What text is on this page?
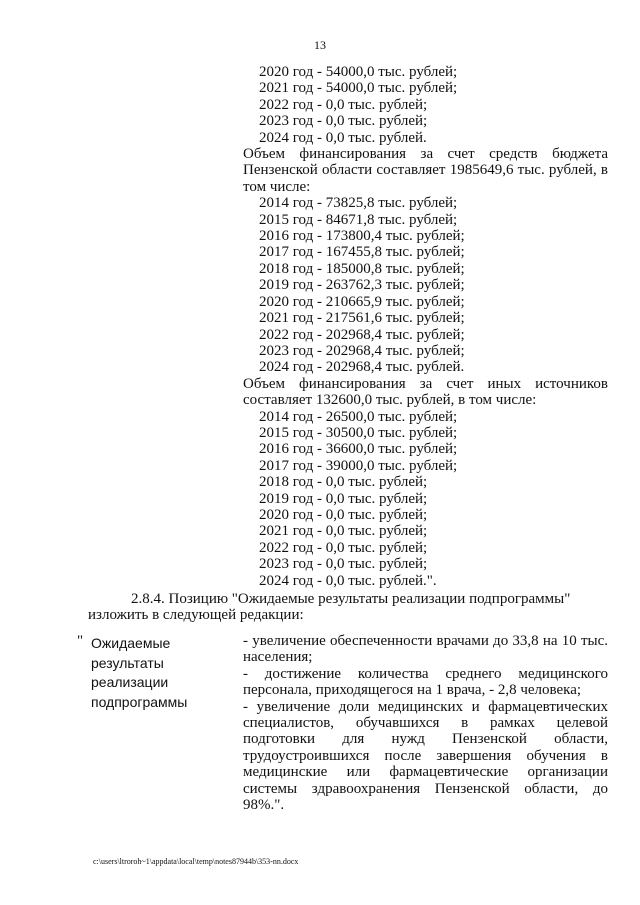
13
2020 год - 54000,0 тыс. рублей;
2021 год - 54000,0 тыс. рублей;
2022 год - 0,0 тыс. рублей;
2023 год - 0,0 тыс. рублей;
2024 год - 0,0 тыс. рублей.
Объем финансирования за счет средств бюджета Пензенской области составляет 1985649,6 тыс. рублей, в том числе:
2014 год - 73825,8 тыс. рублей;
2015 год - 84671,8 тыс. рублей;
2016 год - 173800,4 тыс. рублей;
2017 год - 167455,8 тыс. рублей;
2018 год - 185000,8 тыс. рублей;
2019 год - 263762,3 тыс. рублей;
2020 год - 210665,9 тыс. рублей;
2021 год - 217561,6 тыс. рублей;
2022 год - 202968,4 тыс. рублей;
2023 год - 202968,4 тыс. рублей;
2024 год - 202968,4 тыс. рублей.
Объем финансирования за счет иных источников составляет 132600,0 тыс. рублей, в том числе:
2014 год - 26500,0 тыс. рублей;
2015 год - 30500,0 тыс. рублей;
2016 год - 36600,0 тыс. рублей;
2017 год - 39000,0 тыс. рублей;
2018 год - 0,0 тыс. рублей;
2019 год - 0,0 тыс. рублей;
2020 год - 0,0 тыс. рублей;
2021 год - 0,0 тыс. рублей;
2022 год - 0,0 тыс. рублей;
2023 год - 0,0 тыс. рублей;
2024 год - 0,0 тыс. рублей.".
2.8.4. Позицию "Ожидаемые результаты реализации подпрограммы"
изложить в следующей редакции:
" Ожидаемые результаты реализации подпрограммы
- увеличение обеспеченности врачами до 33,8 на 10 тыс. населения;
- достижение количества среднего медицинского персонала, приходящегося на 1 врача, - 2,8 человека;
- увеличение доли медицинских и фармацевтических специалистов, обучавшихся в рамках целевой подготовки для нужд Пензенской области, трудоустроившихся после завершения обучения в медицинские или фармацевтические организации системы здравоохранения Пензенской области, до 98%.".
c:\users\ltroroh~1\appdata\local\temp\notes87944b\353-nn.docx
